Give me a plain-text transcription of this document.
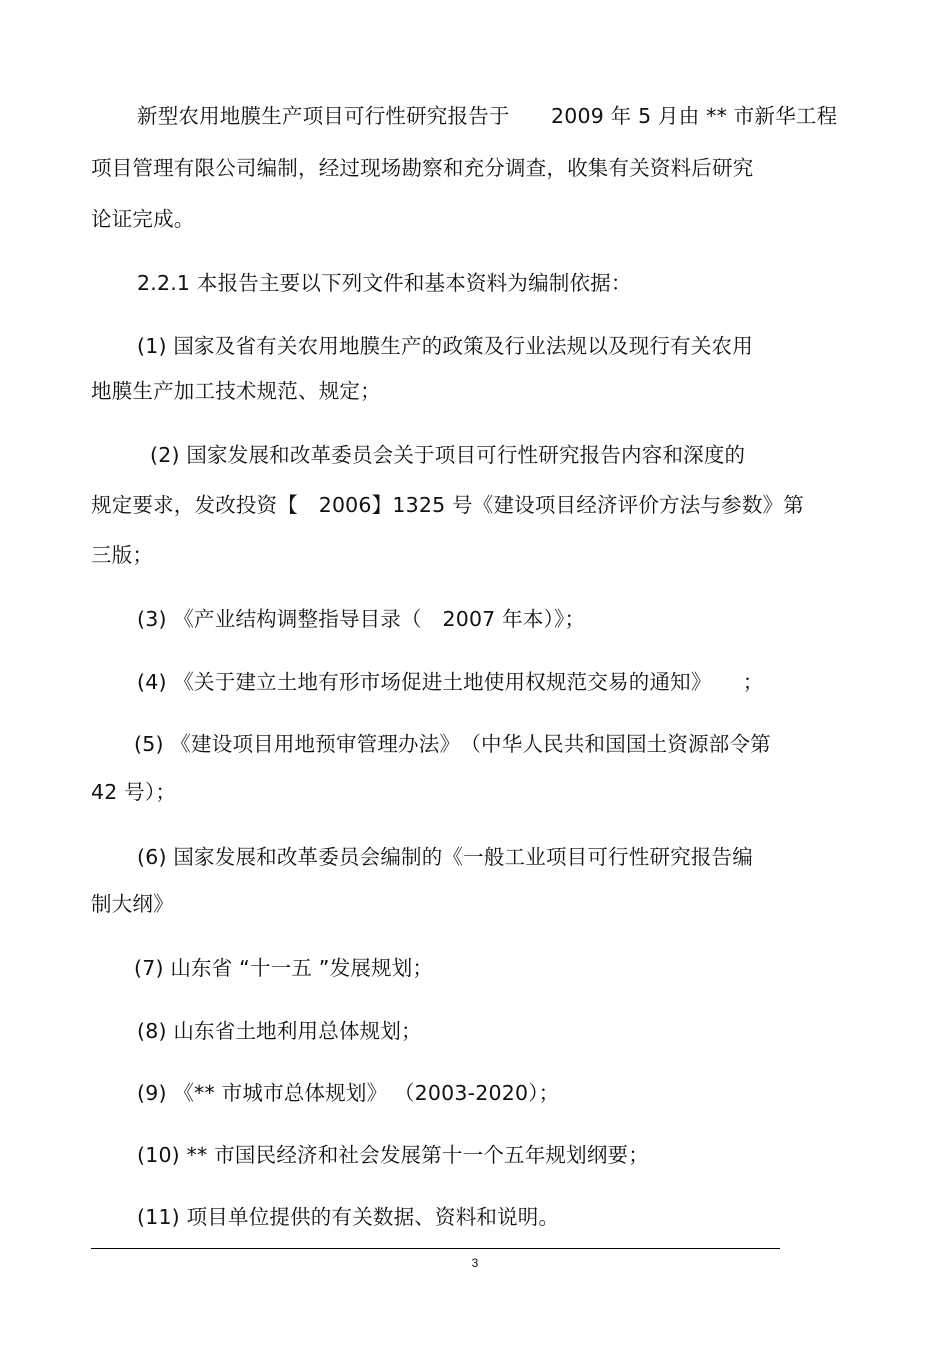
新型农用地膜生产项目可行性研究报告于　　2009 年 5 月由 ** 市新华工程
项目管理有限公司编制，经过现场勘察和充分调查，收集有关资料后研究
论证完成。
2.2.1 本报告主要以下列文件和基本资料为编制依据：
(1) 国家及省有关农用地膜生产的政策及行业法规以及现行有关农用
地膜生产加工技术规范、规定；
(2) 国家发展和改革委员会关于项目可行性研究报告内容和深度的
规定要求，发改投资【　2006】1325 号《建设项目经济评价方法与参数》第
三版；
(3) 《产业结构调整指导目录（　2007 年本）》；
(4) 《关于建立土地有形市场促进土地使用权规范交易的通知》　　；
(5) 《建设项目用地预审管理办法》　（中华人民共和国国土资源部令第
42 号）；
(6) 国家发展和改革委员会编制的《一般工业项目可行性研究报告编
制大纲》
(7) 山东省 “十一五 ”发展规划；
(8) 山东省土地利用总体规划；
(9) 《** 市城市总体规划》 （2003-2020）；
(10) ** 市国民经济和社会发展第十一个五年规划纲要；
(11) 项目单位提供的有关数据、资料和说明。
3
